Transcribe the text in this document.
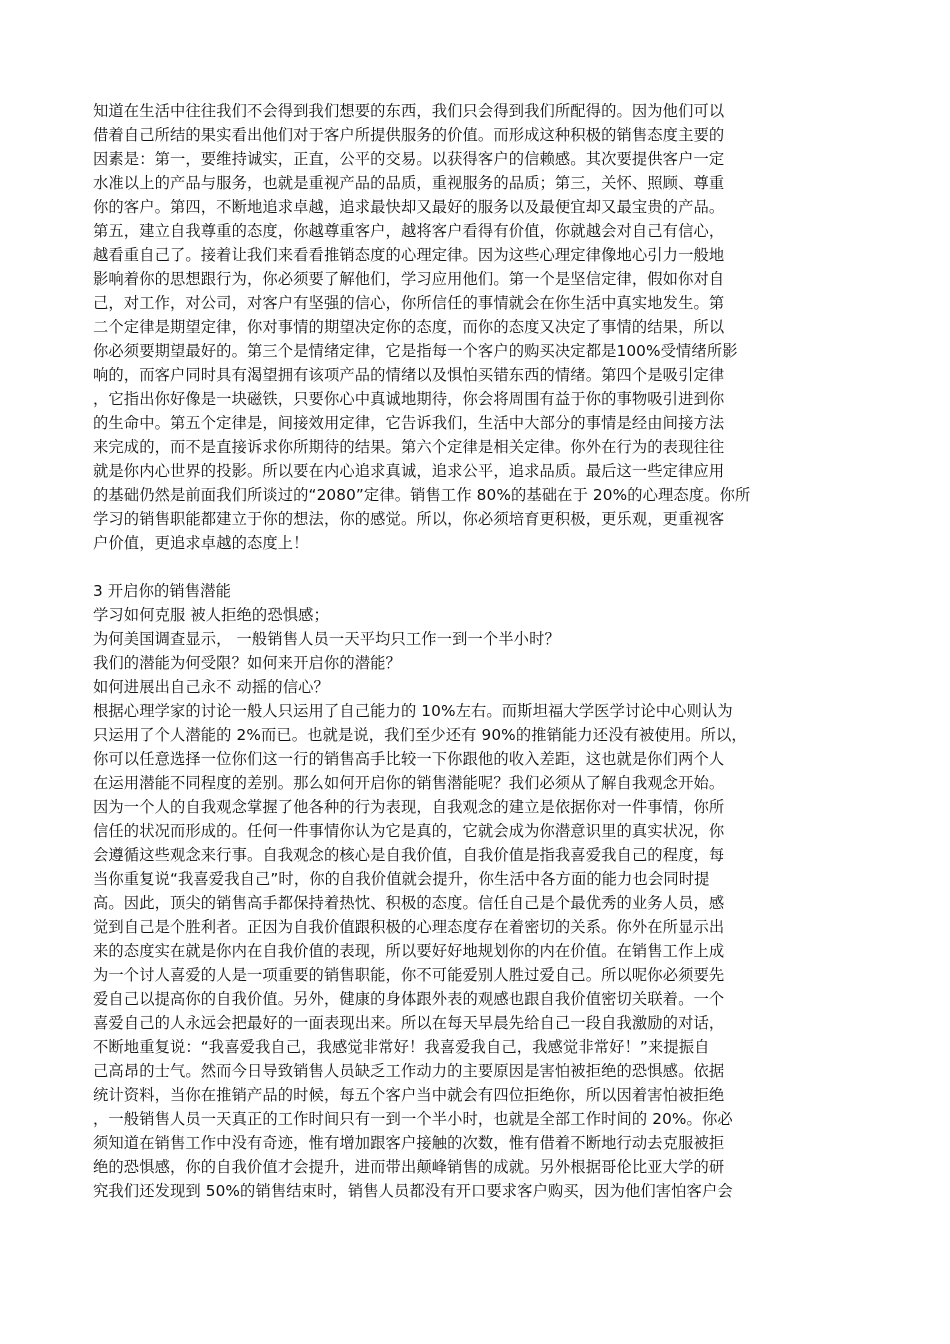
知道在生活中往往我们不会得到我们想要的东西，我们只会得到我们所配得的。因为他们可以

借着自己所结的果实看出他们对于客户所提供服务的价值。而形成这种积极的销售态度主要的

因素是：第一，要维持诚实，正直，公平的交易。以获得客户的信赖感。其次要提供客户一定

水准以上的产品与服务，也就是重视产品的品质，重视服务的品质；第三，关怀、照顾、尊重

你的客户。第四，不断地追求卓越，追求最快却又最好的服务以及最便宜却又最宝贵的产品。

第五，建立自我尊重的态度，你越尊重客户，越将客户看得有价值，你就越会对自己有信心，

越看重自己了。接着让我们来看看推销态度的心理定律。因为这些心理定律像地心引力一般地

影响着你的思想跟行为，你必须要了解他们，学习应用他们。第一个是坚信定律，假如你对自

己，对工作，对公司，对客户有坚强的信心，你所信任的事情就会在你生活中真实地发生。第

二个定律是期望定律，你对事情的期望决定你的态度，而你的态度又决定了事情的结果，所以

你必须要期望最好的。第三个是情绪定律，它是指每一个客户的购买决定都是100%受情绪所影

响的，而客户同时具有渴望拥有该项产品的情绪以及惧怕买错东西的情绪。第四个是吸引定律

，它指出你好像是一块磁铁，只要你心中真诚地期待，你会将周围有益于你的事物吸引进到你

的生命中。第五个定律是，间接效用定律，它告诉我们，生活中大部分的事情是经由间接方法

来完成的，而不是直接诉求你所期待的结果。第六个定律是相关定律。你外在行为的表现往往

就是你内心世界的投影。所以要在内心追求真诚，追求公平，追求品质。最后这一些定律应用

的基础仍然是前面我们所谈过的“2080”定律。销售工作 80%的基础在于 20%的心理态度。你所

学习的销售职能都建立于你的想法，你的感觉。所以，你必须培育更积极，更乐观，更重视客

户价值，更追求卓越的态度上！

3 开启你的销售潜能

学习如何克服 被人拒绝的恐惧感；

为何美国调查显示， 一般销售人员一天平均只工作一到一个半小时？

我们的潜能为何受限？如何来开启你的潜能？

如何进展出自己永不 动摇的信心？

根据心理学家的讨论一般人只运用了自己能力的 10%左右。而斯坦福大学医学讨论中心则认为

只运用了个人潜能的 2%而已。也就是说，我们至少还有 90%的推销能力还没有被使用。所以，

你可以任意选择一位你们这一行的销售高手比较一下你跟他的收入差距，这也就是你们两个人

在运用潜能不同程度的差别。那么如何开启你的销售潜能呢？我们必须从了解自我观念开始。

因为一个人的自我观念掌握了他各种的行为表现，自我观念的建立是依据你对一件事情，你所

信任的状况而形成的。任何一件事情你认为它是真的，它就会成为你潜意识里的真实状况，你

会遵循这些观念来行事。自我观念的核心是自我价值，自我价值是指我喜爱我自己的程度，每

当你重复说“我喜爱我自己”时，你的自我价值就会提升，你生活中各方面的能力也会同时提

高。因此，顶尖的销售高手都保持着热忱、积极的态度。信任自己是个最优秀的业务人员，感

觉到自己是个胜利者。正因为自我价值跟积极的心理态度存在着密切的关系。你外在所显示出

来的态度实在就是你内在自我价值的表现，所以要好好地规划你的内在价值。在销售工作上成

为一个讨人喜爱的人是一项重要的销售职能，你不可能爱别人胜过爱自己。所以呢你必须要先

爱自己以提高你的自我价值。另外，健康的身体跟外表的观感也跟自我价值密切关联着。一个

喜爱自己的人永远会把最好的一面表现出来。所以在每天早晨先给自己一段自我激励的对话，

不断地重复说：“我喜爱我自己，我感觉非常好！我喜爱我自己，我感觉非常好！”来提振自

己高昂的士气。然而今日导致销售人员缺乏工作动力的主要原因是害怕被拒绝的恐惧感。依据

统计资料，当你在推销产品的时候，每五个客户当中就会有四位拒绝你，所以因着害怕被拒绝

，一般销售人员一天真正的工作时间只有一到一个半小时，也就是全部工作时间的 20%。你必

须知道在销售工作中没有奇迹，惟有增加跟客户接触的次数，惟有借着不断地行动去克服被拒

绝的恐惧感，你的自我价值才会提升，进而带出颠峰销售的成就。另外根据哥伦比亚大学的研

究我们还发现到 50%的销售结束时，销售人员都没有开口要求客户购买，因为他们害怕客户会
